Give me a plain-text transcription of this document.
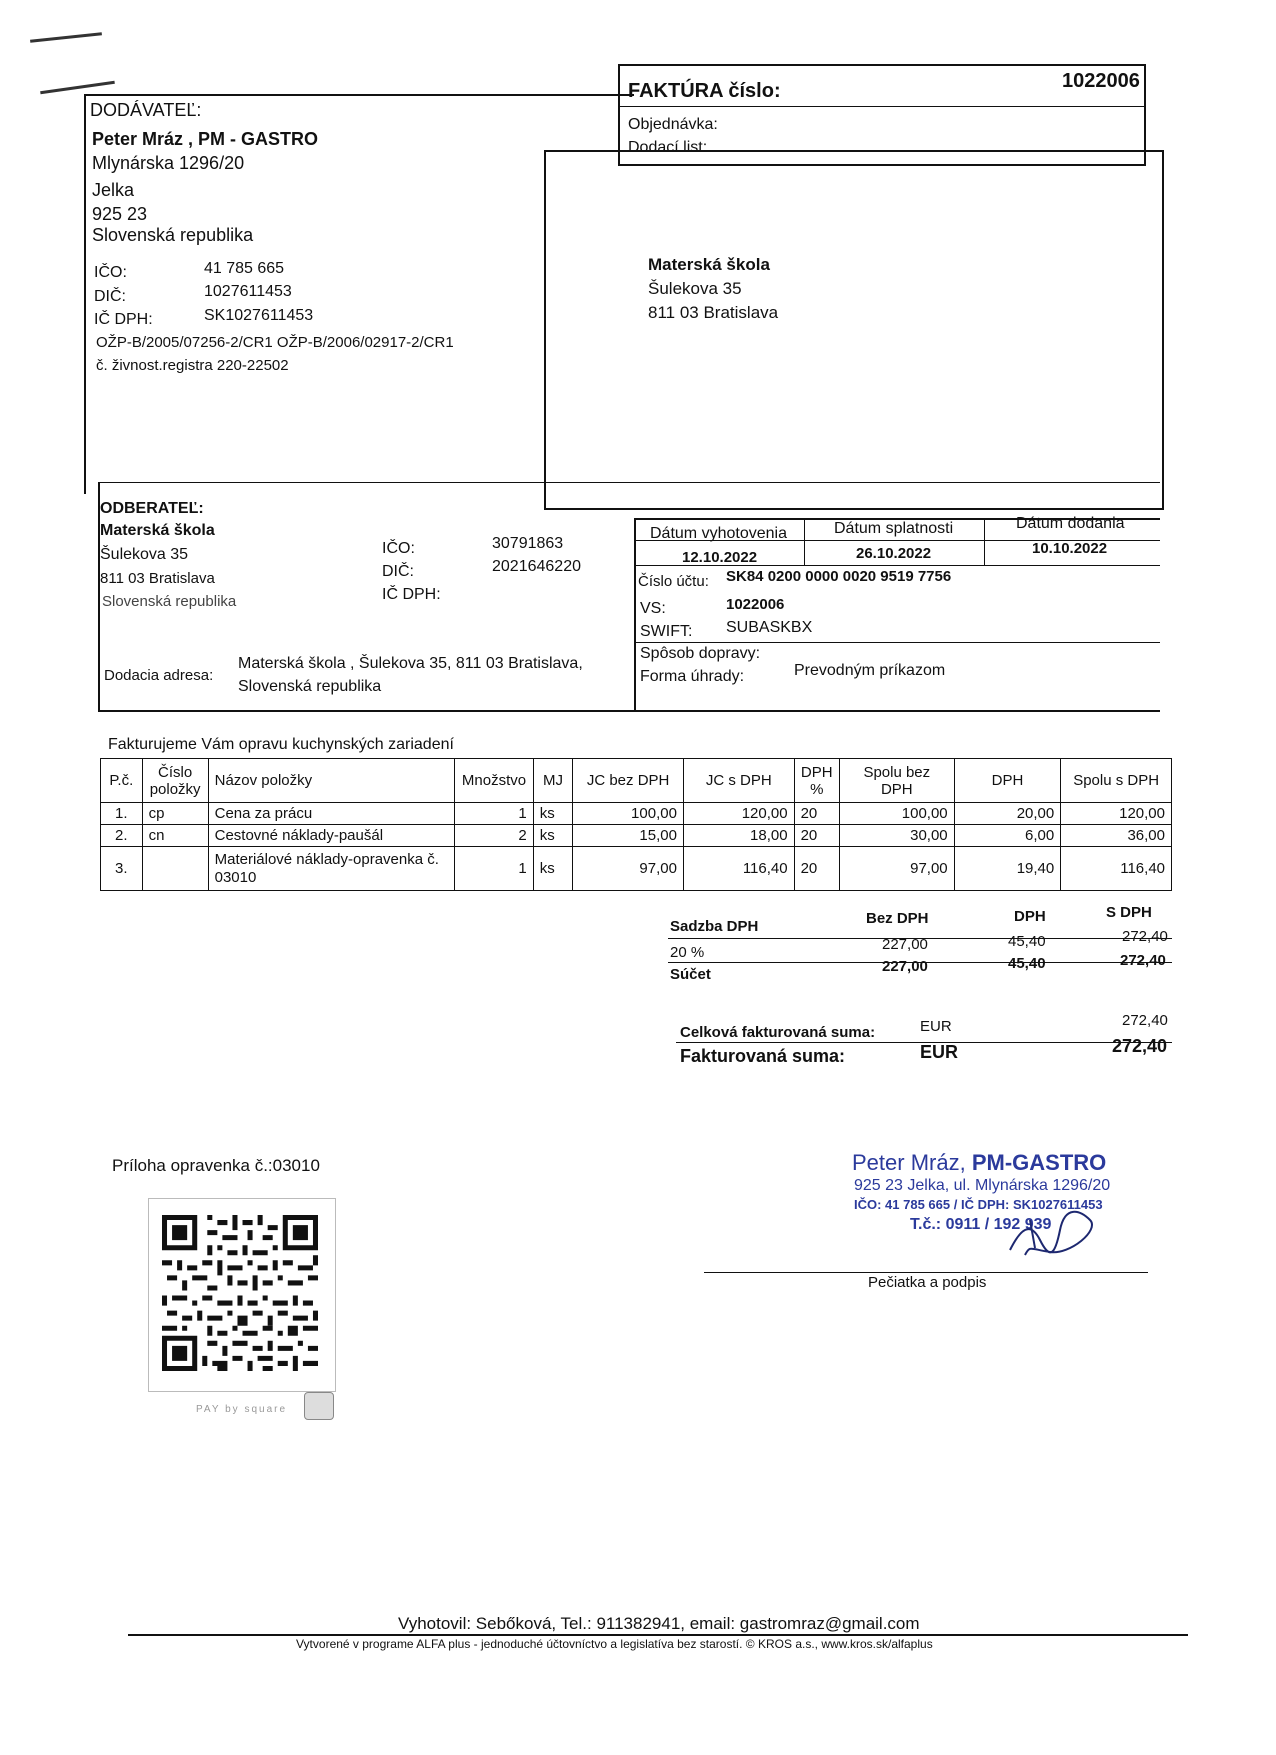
DODÁVATEĽ:
Peter Mráz , PM - GASTRO
Mlynárska 1296/20
Jelka
925 23
Slovenská republika
IČO:	41 785 665
DIČ:	1027611453
IČ DPH:	SK1027611453
OŽP-B/2005/07256-2/CR1 OŽP-B/2006/02917-2/CR1
č. živnost.registra 220-22502
FAKTÚRA číslo:	1022006
Objednávka:
Dodací list:
Materská škola
Šulekova 35
811 03 Bratislava
ODBERATEĽ:
Materská škola
Šulekova 35
811 03 Bratislava
Slovenská republika
IČO:	30791863
DIČ:	2021646220
IČ DPH:
Dodacia adresa:
Materská škola , Šulekova 35, 811 03 Bratislava,
Slovenská republika
Dátum vyhotovenia	Dátum splatnosti	Dátum dodania
12.10.2022	26.10.2022	10.10.2022
Číslo účtu: SK84 0200 0000 0020 9519 7756
VS:	1022006
SWIFT: SUBASKBX
Spôsob dopravy:
Forma úhrady:	Prevodným príkazom
Fakturujeme Vám opravu kuchynských zariadení
P.č.	Číslo položky	Názov položky	Množstvo	MJ	JC bez DPH	JC s DPH	DPH %	Spolu bez DPH	DPH	Spolu s DPH
1.	cp	Cena za prácu	1	ks	100,00	120,00	20	100,00	20,00	120,00
2.	cn	Cestovné náklady-paušál	2	ks	15,00	18,00	20	30,00	6,00	36,00
3.		Materiálové náklady-opravenka č. 03010	1	ks	97,00	116,40	20	97,00	19,40	116,40
Sadzba DPH	Bez DPH	DPH	S DPH
20 %	227,00	45,40	272,40
Súčet	227,00	45,40	272,40
Celková fakturovaná suma:	EUR	272,40
Fakturovaná suma:	EUR	272,40
Príloha opravenka č.:03010
PAY by square
Peter Mráz, PM-GASTRO
925 23 Jelka, ul. Mlynárska 1296/20
IČO: 41 785 665 / IČ DPH: SK1027611453
T.č.: 0911 / 192 939
Pečiatka a podpis
Vyhotovil: Sebőková, Tel.: 911382941, email: gastromraz@gmail.com
Vytvorené v programe ALFA plus - jednoduché účtovníctvo a legislatíva bez starostí. © KROS a.s., www.kros.sk/alfaplus
